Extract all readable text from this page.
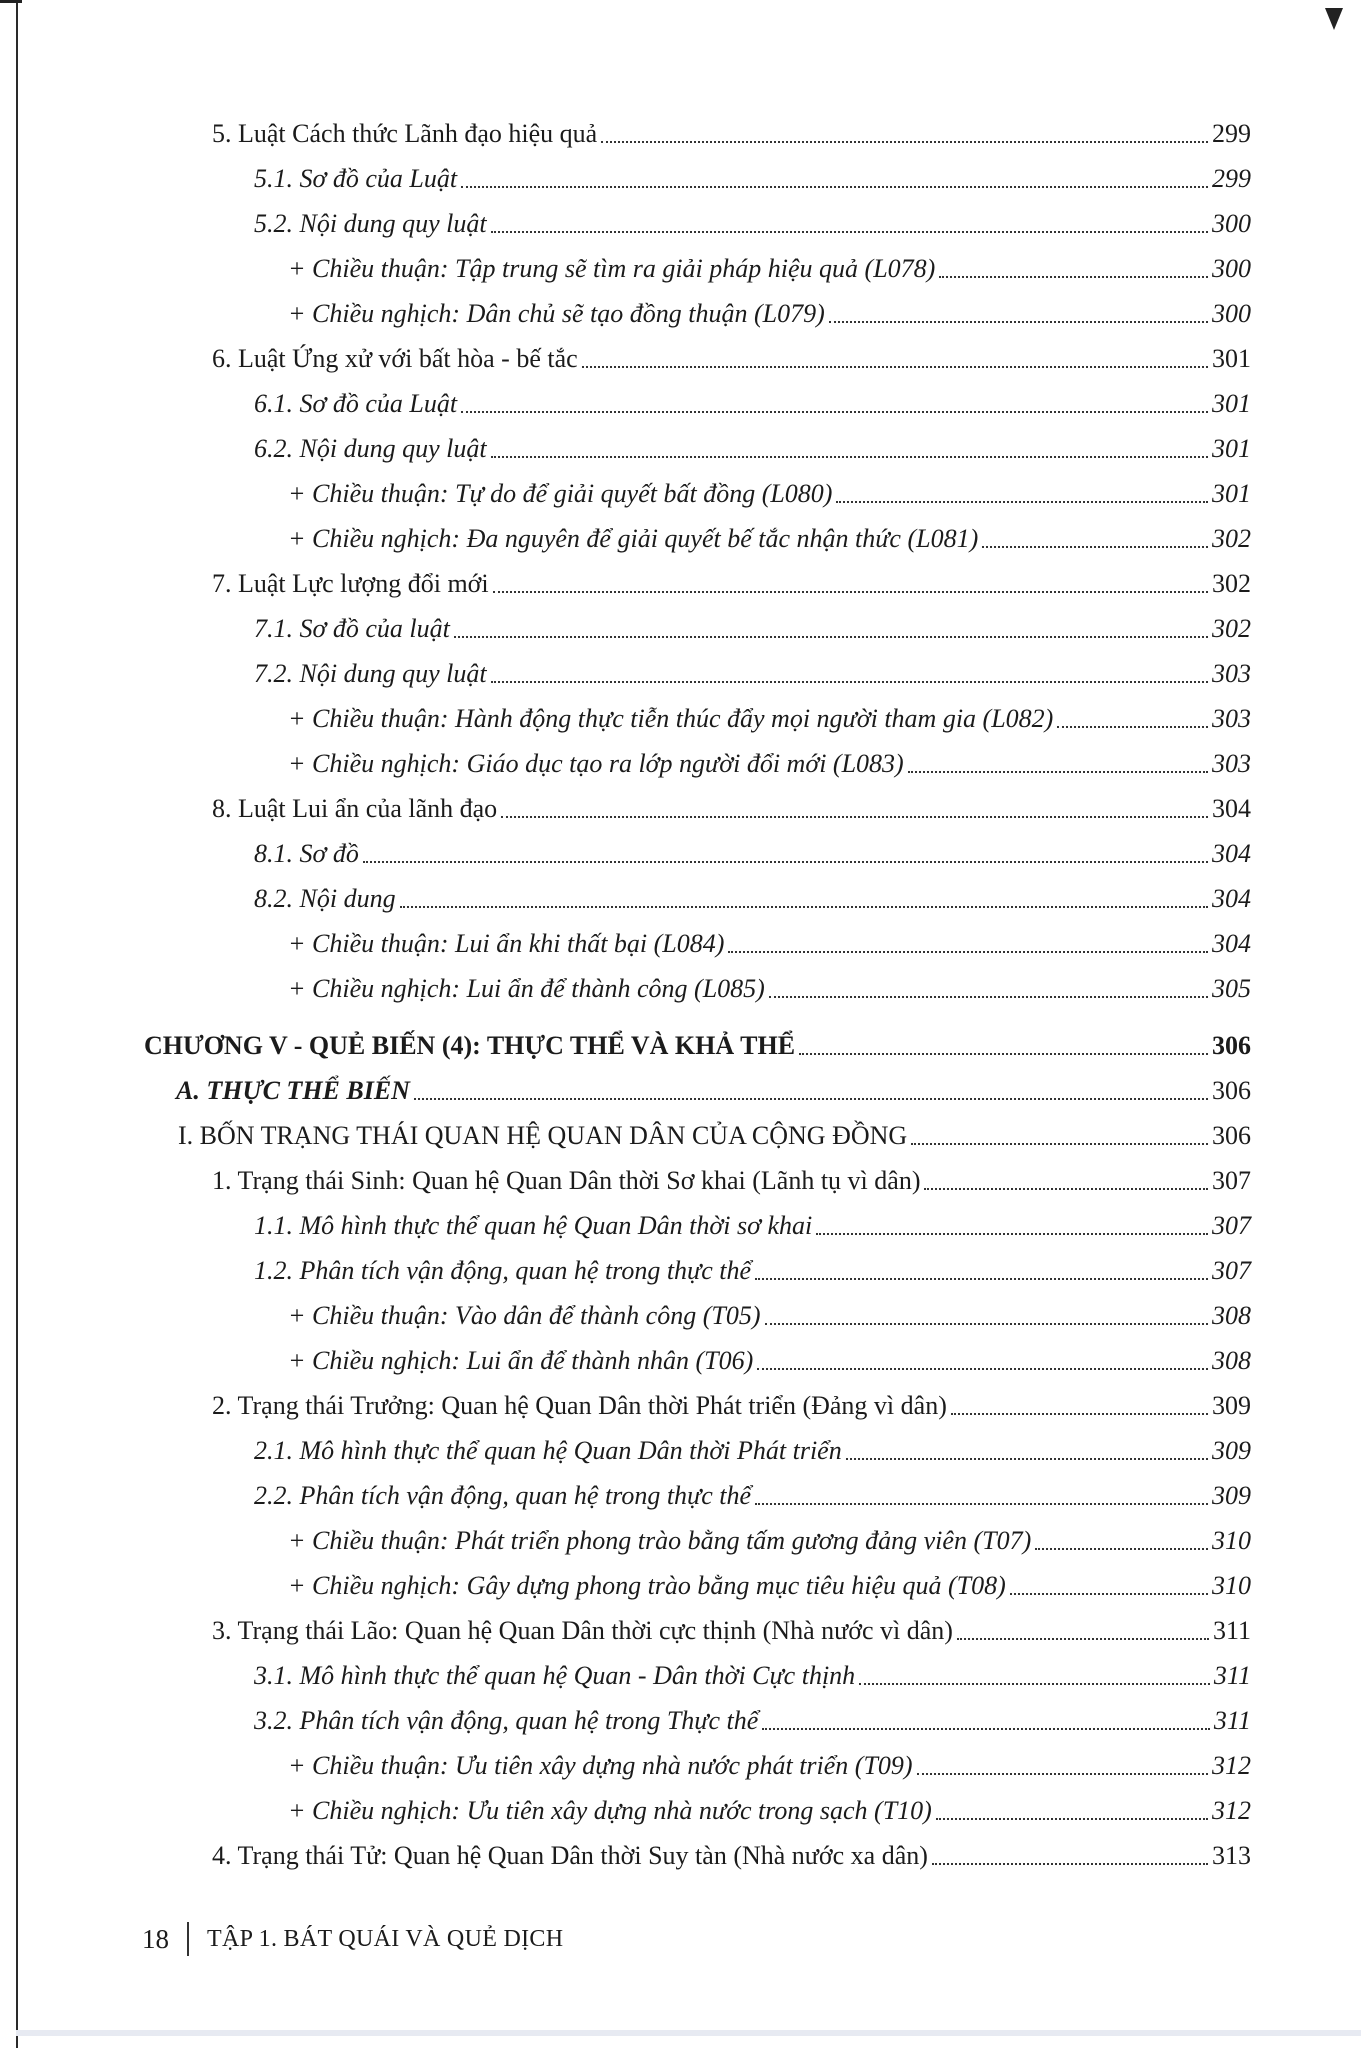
5. Luật Cách thức Lãnh đạo hiệu quả	299
5.1. Sơ đồ của Luật	299
5.2. Nội dung quy luật	300
+ Chiều thuận: Tập trung sẽ tìm ra giải pháp hiệu quả (L078)	300
+ Chiều nghịch: Dân chủ sẽ tạo đồng thuận (L079)	300
6. Luật Ứng xử với bất hòa - bế tắc	301
6.1. Sơ đồ của Luật	301
6.2. Nội dung quy luật	301
+ Chiều thuận: Tự do để giải quyết bất đồng (L080)	301
+ Chiều nghịch: Đa nguyên để giải quyết bế tắc nhận thức (L081)	302
7. Luật Lực lượng đổi mới	302
7.1. Sơ đồ của luật	302
7.2. Nội dung quy luật	303
+ Chiều thuận: Hành động thực tiễn thúc đẩy mọi người tham gia (L082)	303
+ Chiều nghịch: Giáo dục tạo ra lớp người đổi mới (L083)	303
8. Luật Lui ẩn của lãnh đạo	304
8.1. Sơ đồ	304
8.2. Nội dung	304
+ Chiều thuận: Lui ẩn khi thất bại (L084)	304
+ Chiều nghịch: Lui ẩn để thành công (L085)	305
CHƯƠNG V - QUẺ BIẾN (4): THỰC THỂ VÀ KHẢ THỂ	306
A. THỰC THỂ BIẾN	306
I. BỐN TRẠNG THÁI QUAN HỆ QUAN DÂN CỦA CỘNG ĐỒNG	306
1. Trạng thái Sinh: Quan hệ Quan Dân thời Sơ khai (Lãnh tụ vì dân)	307
1.1. Mô hình thực thể quan hệ Quan Dân thời sơ khai	307
1.2. Phân tích vận động, quan hệ trong thực thể	307
+ Chiều thuận: Vào dân để thành công (T05)	308
+ Chiều nghịch: Lui ẩn để thành nhân (T06)	308
2. Trạng thái Trưởng: Quan hệ Quan Dân thời Phát triển (Đảng vì dân)	309
2.1. Mô hình thực thể quan hệ Quan Dân thời Phát triển	309
2.2. Phân tích vận động, quan hệ trong thực thể	309
+ Chiều thuận: Phát triển phong trào bằng tấm gương đảng viên (T07)	310
+ Chiều nghịch: Gây dựng phong trào bằng mục tiêu hiệu quả (T08)	310
3. Trạng thái Lão: Quan hệ Quan Dân thời cực thịnh (Nhà nước vì dân)	311
3.1. Mô hình thực thể quan hệ Quan - Dân thời Cực thịnh	311
3.2. Phân tích vận động, quan hệ trong Thực thể	311
+ Chiều thuận: Ưu tiên xây dựng nhà nước phát triển (T09)	312
+ Chiều nghịch: Ưu tiên xây dựng nhà nước trong sạch (T10)	312
4. Trạng thái Tử: Quan hệ Quan Dân thời Suy tàn (Nhà nước xa dân)	313
18 TẬP 1. BÁT QUÁI VÀ QUẺ DỊCH
